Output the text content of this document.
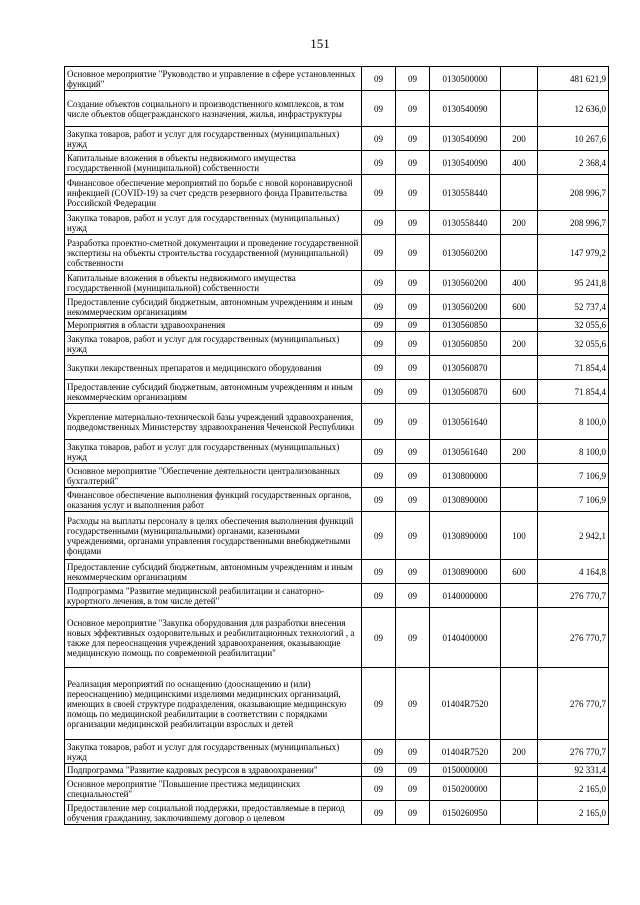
151
Основное мероприятие "Руководство и управление в сфере установленных функций"	09	09	0130500000		481 621,9
Создание объектов социального и производственного комплексов, в том числе объектов общегражданского назначения, жилья, инфраструктуры	09	09	0130540090		12 636,0
Закупка товаров, работ и услуг для государственных (муниципальных) нужд	09	09	0130540090	200	10 267,6
Капитальные вложения в объекты недвижимого имущества государственной (муниципальной) собственности	09	09	0130540090	400	2 368,4
Финансовое обеспечение мероприятий по борьбе с новой коронавирусной инфекцией (COVID-19) за счет средств резервного фонда Правительства Российской Федерации	09	09	0130558440		208 996,7
Закупка товаров, работ и услуг для государственных (муниципальных) нужд	09	09	0130558440	200	208 996,7
Разработка проектно-сметной документации и проведение государственной экспертизы на объекты строительства государственной (муниципальной) собственности	09	09	0130560200		147 979,2
Капитальные вложения в объекты недвижимого имущества государственной (муниципальной) собственности	09	09	0130560200	400	95 241,8
Предоставление субсидий бюджетным, автономным учреждениям и иным некоммерческим организациям	09	09	0130560200	600	52 737,4
Мероприятия в области здравоохранения	09	09	0130560850		32 055,6
Закупка товаров, работ и услуг для государственных (муниципальных) нужд	09	09	0130560850	200	32 055,6
Закупки лекарственных препаратов и медицинского оборудования	09	09	0130560870		71 854,4
Предоставление субсидий бюджетным, автономным учреждениям и иным некоммерческим организациям	09	09	0130560870	600	71 854,4
Укрепление материально-технической базы учреждений здравоохранения, подведомственных Министерству здравоохранения Чеченской Республики	09	09	0130561640		8 100,0
Закупка товаров, работ и услуг для государственных (муниципальных) нужд	09	09	0130561640	200	8 100,0
Основное мероприятие "Обеспечение деятельности централизованных бухгалтерий"	09	09	0130800000		7 106,9
Финансовое обеспечение выполнения функций государственных органов, оказания услуг и выполнения работ	09	09	0130890000		7 106,9
Расходы на выплаты персоналу в целях обеспечения выполнения функций государственными (муниципальными) органами, казенными учреждениями, органами управления государственными внебюджетными фондами	09	09	0130890000	100	2 942,1
Предоставление субсидий бюджетным, автономным учреждениям и иным некоммерческим организациям	09	09	0130890000	600	4 164,8
Подпрограмма "Развитие медицинской реабилитации и санаторно-курортного лечения, в том числе детей"	09	09	0140000000		276 770,7
Основное мероприятие "Закупка оборудования для разработки внесения новых эффективных оздоровительных и реабилитационных технологий , а также для переоснащения учреждений здравоохранения, оказывающие медицинскую помощь по современной реабилитации"	09	09	0140400000		276 770,7
Реализация мероприятий по оснащению (дооснащению и (или) переоснащению) медицинскими изделиями медицинских организаций, имеющих в своей структуре подразделения, оказывающие медицинскую помощь по медицинской реабилитации в соответствии с порядками организации медицинской реабилитации взрослых и детей	09	09	01404R7520		276 770,7
Закупка товаров, работ и услуг для государственных (муниципальных) нужд	09	09	01404R7520	200	276 770,7
Подпрограмма "Развитие кадровых ресурсов в здравоохранении"	09	09	0150000000		92 331,4
Основное мероприятие "Повышение престижа медицинских специальностей"	09	09	0150200000		2 165,0
Предоставление мер социальной поддержки, предоставляемые в период обучения гражданину, заключившему договор о целевом	09	09	0150260950		2 165,0
